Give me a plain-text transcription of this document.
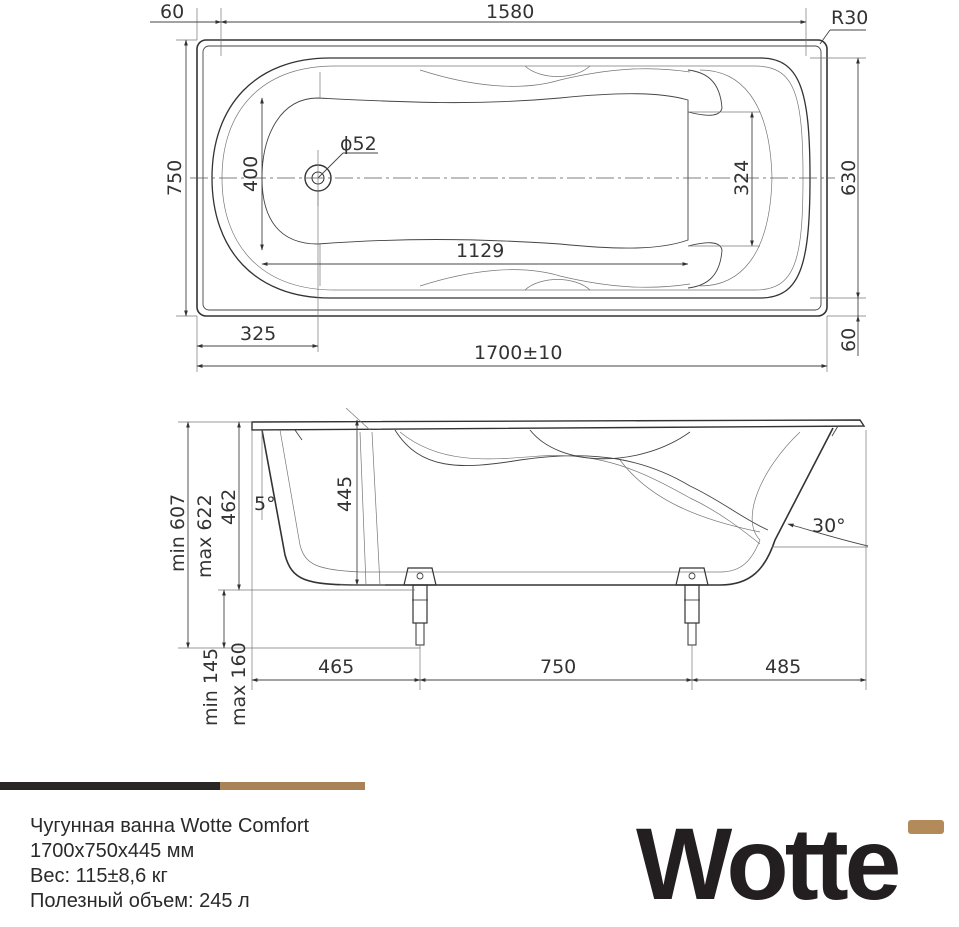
60	1580	R30
750	400
ϕ52
324	630
1129
325
1700±10
60
445
462
min 607 max 622 5°
30°
min 145 max 160	465	750	485
Чугунная ванна Wotte Comfort
1700x750x445 мм
Вес: 115±8,6 кг
Полезный объем: 245 л	Wotte
